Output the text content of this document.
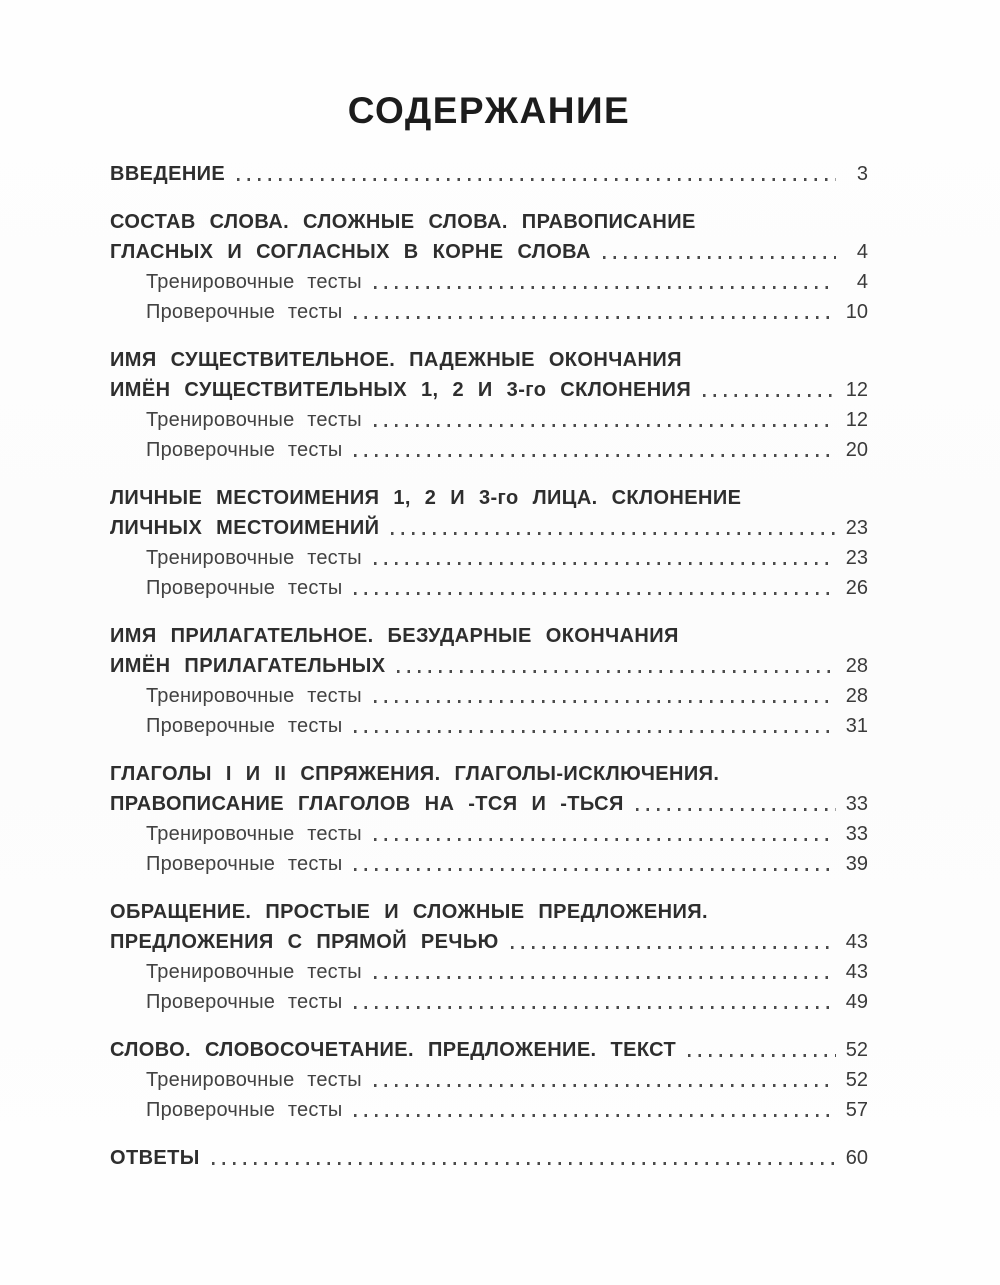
СОДЕРЖАНИЕ
ВВЕДЕНИЕ	3
СОСТАВ СЛОВА. СЛОЖНЫЕ СЛОВА. ПРАВОПИСАНИЕ
ГЛАСНЫХ И СОГЛАСНЫХ В КОРНЕ СЛОВА	4
Тренировочные тесты	4
Проверочные тесты	10
ИМЯ СУЩЕСТВИТЕЛЬНОЕ. ПАДЕЖНЫЕ ОКОНЧАНИЯ
ИМЁН СУЩЕСТВИТЕЛЬНЫХ 1, 2 И 3-го СКЛОНЕНИЯ	12
Тренировочные тесты	12
Проверочные тесты	20
ЛИЧНЫЕ МЕСТОИМЕНИЯ 1, 2 И 3-го ЛИЦА. СКЛОНЕНИЕ
ЛИЧНЫХ МЕСТОИМЕНИЙ	23
Тренировочные тесты	23
Проверочные тесты	26
ИМЯ ПРИЛАГАТЕЛЬНОЕ. БЕЗУДАРНЫЕ ОКОНЧАНИЯ
ИМЁН ПРИЛАГАТЕЛЬНЫХ	28
Тренировочные тесты	28
Проверочные тесты	31
ГЛАГОЛЫ I И II СПРЯЖЕНИЯ. ГЛАГОЛЫ-ИСКЛЮЧЕНИЯ.
ПРАВОПИСАНИЕ ГЛАГОЛОВ НА -ТСЯ И -ТЬСЯ	33
Тренировочные тесты	33
Проверочные тесты	39
ОБРАЩЕНИЕ. ПРОСТЫЕ И СЛОЖНЫЕ ПРЕДЛОЖЕНИЯ.
ПРЕДЛОЖЕНИЯ С ПРЯМОЙ РЕЧЬЮ	43
Тренировочные тесты	43
Проверочные тесты	49
СЛОВО. СЛОВОСОЧЕТАНИЕ. ПРЕДЛОЖЕНИЕ. ТЕКСТ	52
Тренировочные тесты	52
Проверочные тесты	57
ОТВЕТЫ	60
